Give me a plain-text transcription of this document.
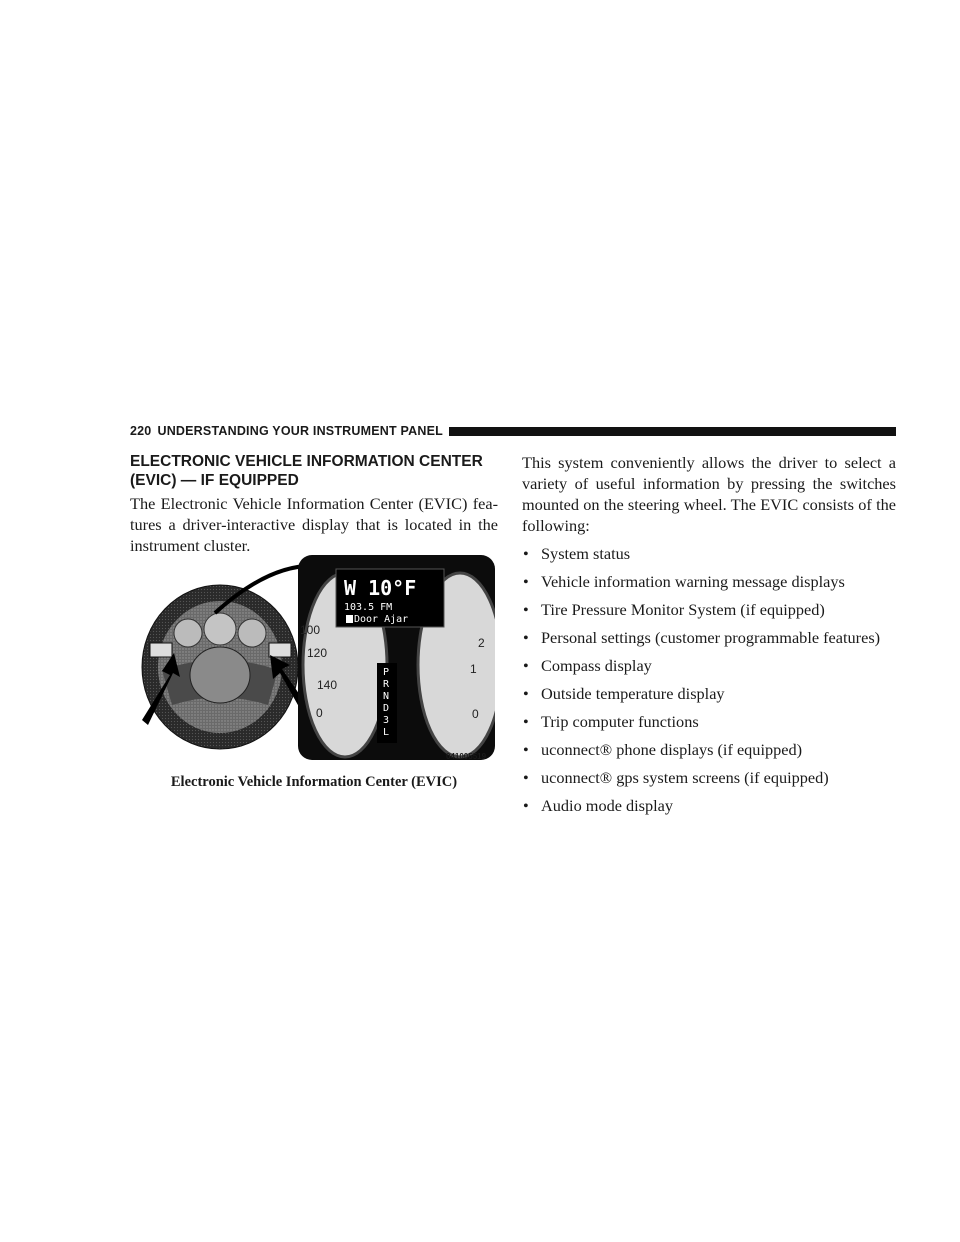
220 UNDERSTANDING YOUR INSTRUMENT PANEL
ELECTRONIC VEHICLE INFORMATION CENTER
(EVIC) — IF EQUIPPED

The Electronic Vehicle Information Center (EVIC) fea-tures a driver-interactive display that is located in the instrument cluster.

W 10°F
103.5 FM
Door Ajar
100
120
140
0
P
R
N
D
3
L
2
1
0
041005519
Electronic Vehicle Information Center (EVIC)

This system conveniently allows the driver to select a variety of useful information by pressing the switches mounted on the steering wheel. The EVIC consists of the following:

• System status
• Vehicle information warning message displays
• Tire Pressure Monitor System (if equipped)
• Personal settings (customer programmable features)
• Compass display
• Outside temperature display
• Trip computer functions
• uconnect® phone displays (if equipped)
• uconnect® gps system screens (if equipped)
• Audio mode display
